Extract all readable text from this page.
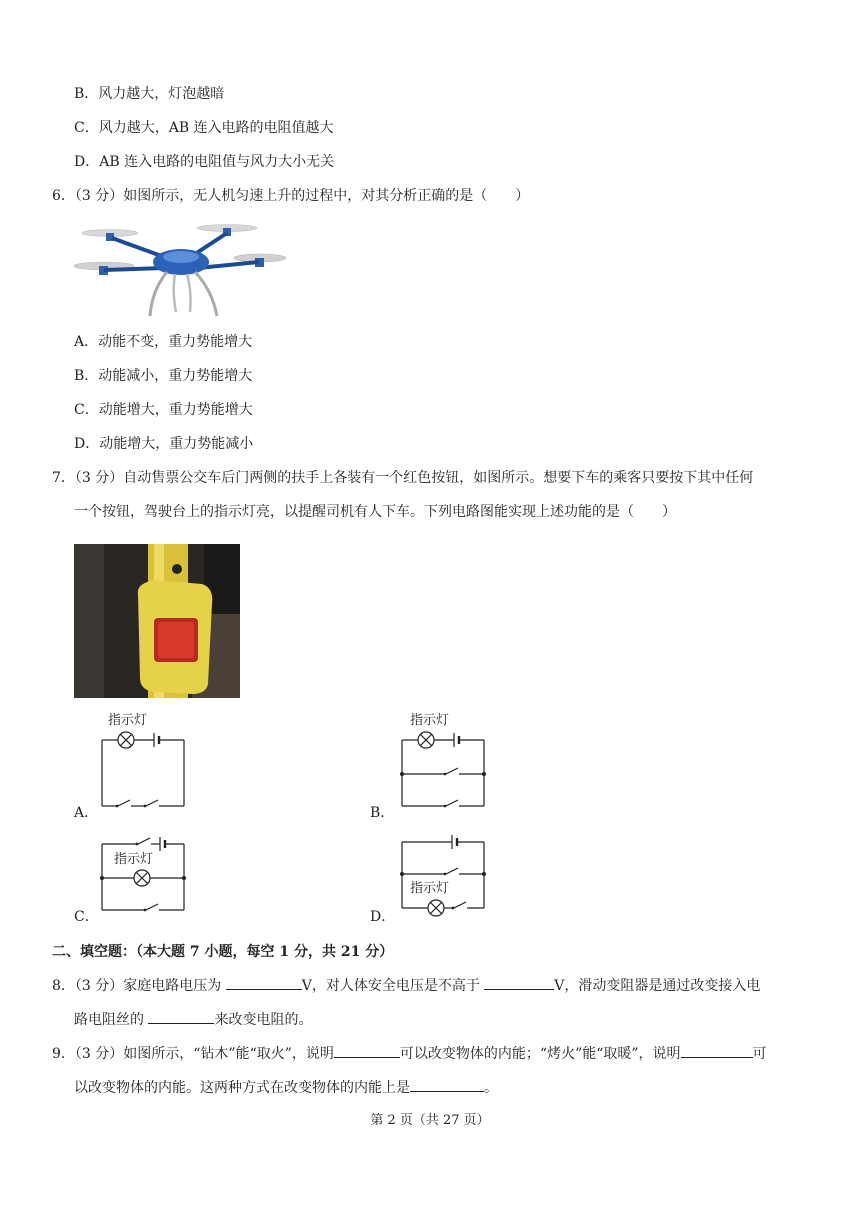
B．风力越大，灯泡越暗
C．风力越大，AB 连入电路的电阻值越大
D．AB 连入电路的电阻值与风力大小无关
6．（3 分）如图所示，无人机匀速上升的过程中，对其分析正确的是（　　）
A．动能不变，重力势能增大
B．动能减小，重力势能增大
C．动能增大，重力势能增大
D．动能增大，重力势能减小
7．（3 分）自动售票公交车后门两侧的扶手上各装有一个红色按钮，如图所示。想要下车的乘客只要按下其中任何
一个按钮，驾驶台上的指示灯亮，以提醒司机有人下车。下列电路图能实现上述功能的是（　　）
指示灯
A．
指示灯
B．
指示灯
C．
指示灯
D．
二、填空题：（本大题 7 小题，每空 1 分，共 21 分）
8．（3 分）家庭电路电压为	V，对人体安全电压是不高于	V，滑动变阻器是通过改变接入电
路电阻丝的	来改变电阻的。
9．（3 分）如图所示，“钻木”能“取火”，说明	可以改变物体的内能；“烤火”能“取暖”，说明	可
以改变物体的内能。这两种方式在改变物体的内能上是	。
第 2 页（共 27 页）
